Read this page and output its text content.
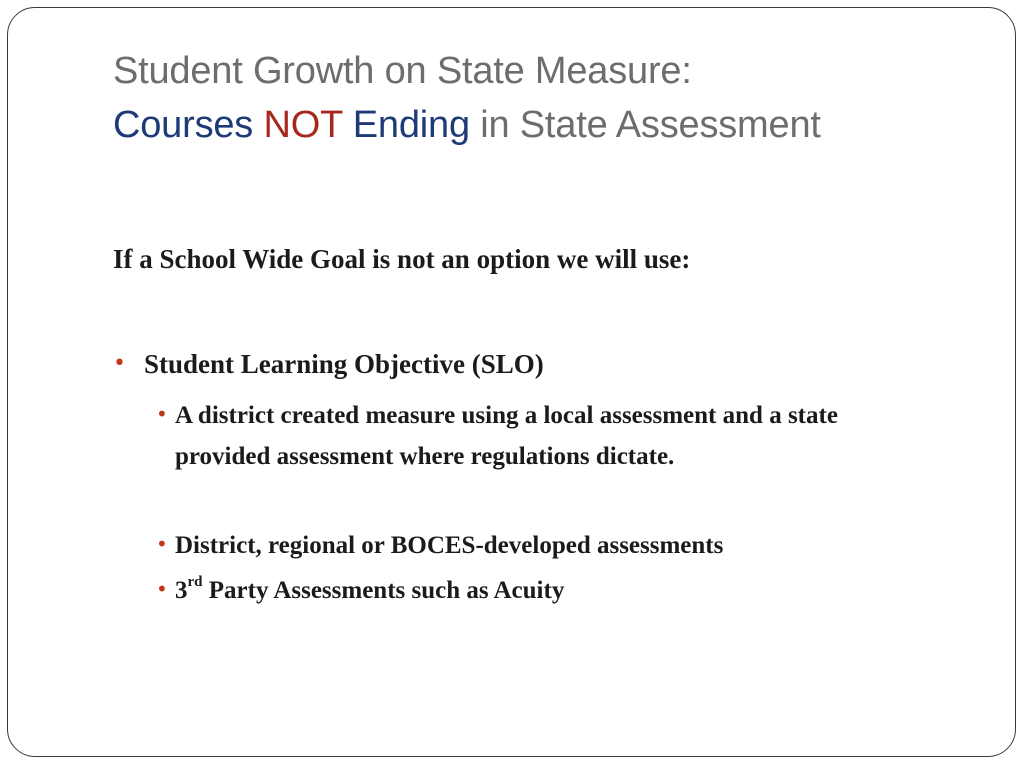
Student Growth on State Measure:
Courses NOT Ending in State Assessment
If a School Wide Goal is not an option we will use:
• Student Learning Objective (SLO)
• A district created measure using a local assessment and a state provided assessment where regulations dictate.
• District, regional or BOCES-developed assessments
• 3rd Party Assessments such as Acuity
